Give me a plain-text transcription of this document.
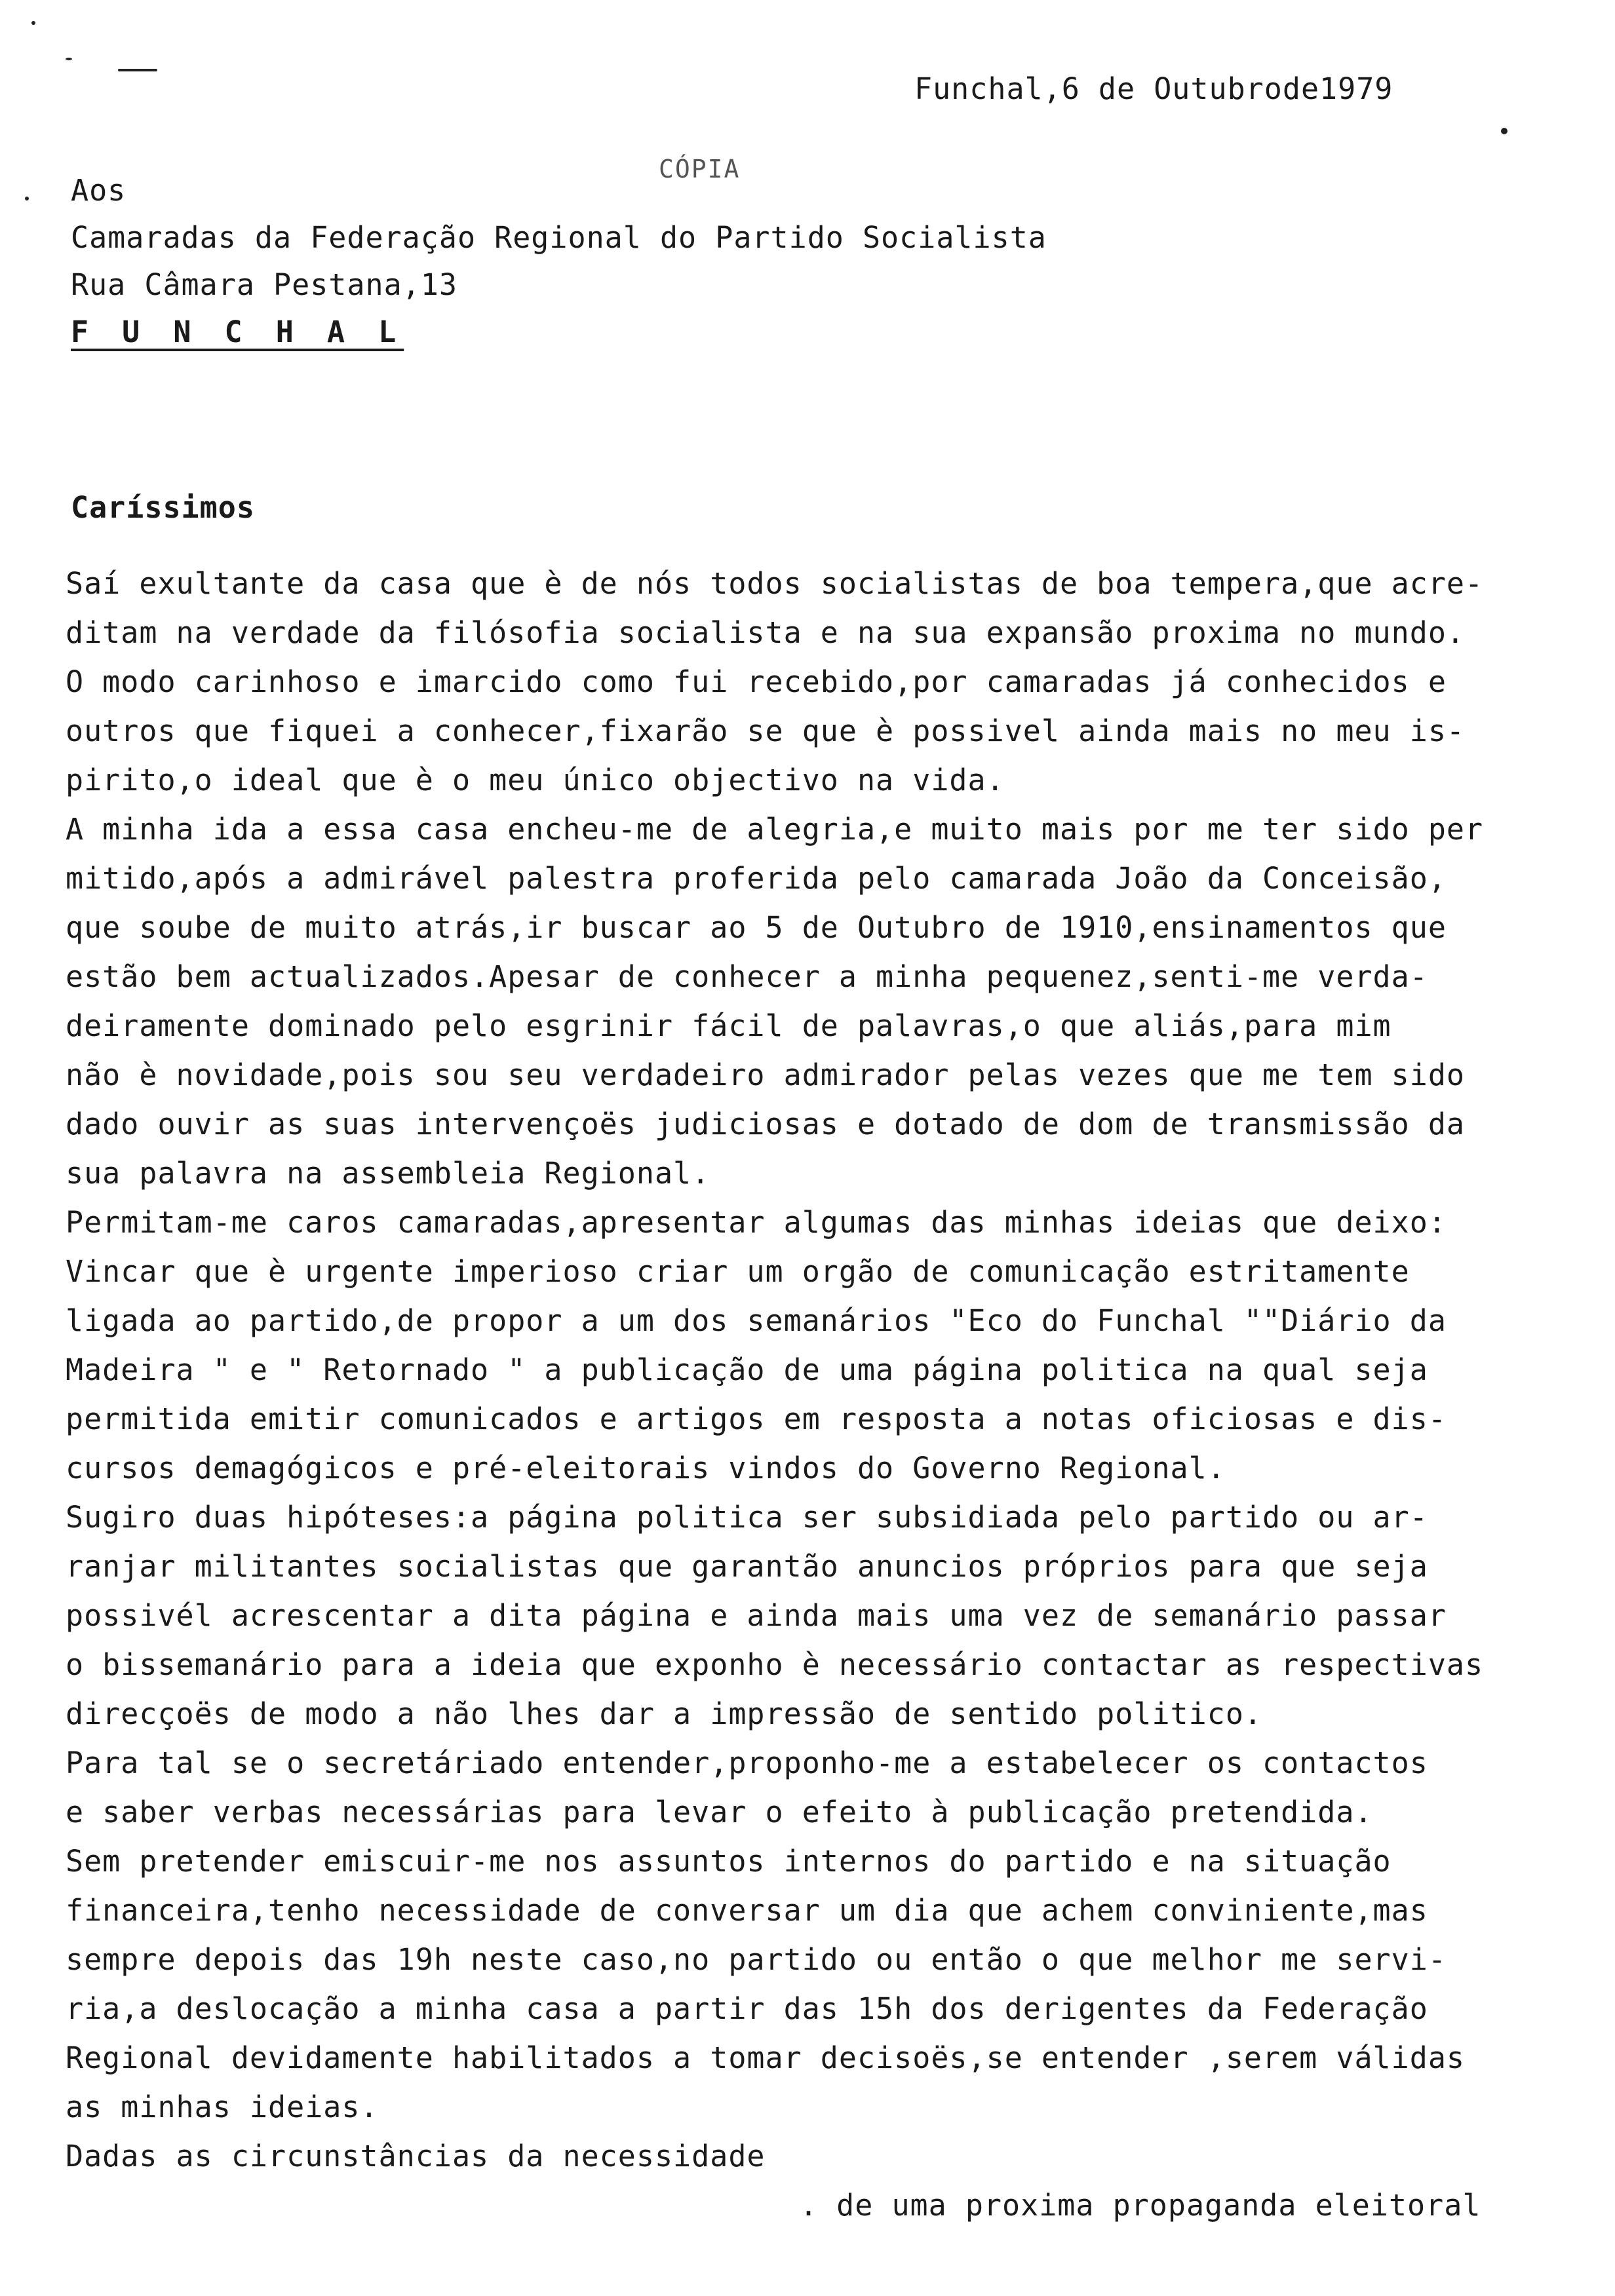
Funchal,6 de Outubrode1979
CÓPIA
Aos
Camaradas da Federação Regional do Partido Socialista
Rua Câmara Pestana,13
F U N C H A L
Caríssimos
Saí exultante da casa que è de nós todos socialistas de boa tempera,que acre-
ditam na verdade da filósofia socialista e na sua expansão proxima no mundo.
O modo carinhoso e imarcido como fui recebido,por camaradas já conhecidos e
outros que fiquei a conhecer,fixarão se que è possivel ainda mais no meu is-
pirito,o ideal que è o meu único objectivo na vida.
A minha ida a essa casa encheu-me de alegria,e muito mais por me ter sido per
mitido,após a admirável palestra proferida pelo camarada João da Conceisão,
que soube de muito atrás,ir buscar ao 5 de Outubro de 1910,ensinamentos que
estão bem actualizados.Apesar de conhecer a minha pequenez,senti-me verda-
deiramente dominado pelo esgrinir fácil de palavras,o que aliás,para mim
não è novidade,pois sou seu verdadeiro admirador pelas vezes que me tem sido
dado ouvir as suas intervençoës judiciosas e dotado de dom de transmissão da
sua palavra na assembleia Regional.
Permitam-me caros camaradas,apresentar algumas das minhas ideias que deixo:
Vincar que è urgente imperioso criar um orgão de comunicação estritamente
ligada ao partido,de propor a um dos semanários "Eco do Funchal ""Diário da
Madeira " e " Retornado " a publicação de uma página politica na qual seja
permitida emitir comunicados e artigos em resposta a notas oficiosas e dis-
cursos demagógicos e pré-eleitorais vindos do Governo Regional.
Sugiro duas hipóteses:a página politica ser subsidiada pelo partido ou ar-
ranjar militantes socialistas que garantão anuncios próprios para que seja
possivél acrescentar a dita página e ainda mais uma vez de semanário passar
o bissemanário para a ideia que exponho è necessário contactar as respectivas
direcçoës de modo a não lhes dar a impressão de sentido politico.
Para tal se o secretáriado entender,proponho-me a estabelecer os contactos
e saber verbas necessárias para levar o efeito à publicação pretendida.
Sem pretender emiscuir-me nos assuntos internos do partido e na situação
financeira,tenho necessidade de conversar um dia que achem conviniente,mas
sempre depois das 19h neste caso,no partido ou então o que melhor me servi-
ria,a deslocação a minha casa a partir das 15h dos derigentes da Federação
Regional devidamente habilitados a tomar decisoës,se entender ,serem válidas
as minhas ideias.
Dadas as circunstâncias da necessidade
. de uma proxima propaganda eleitoral
